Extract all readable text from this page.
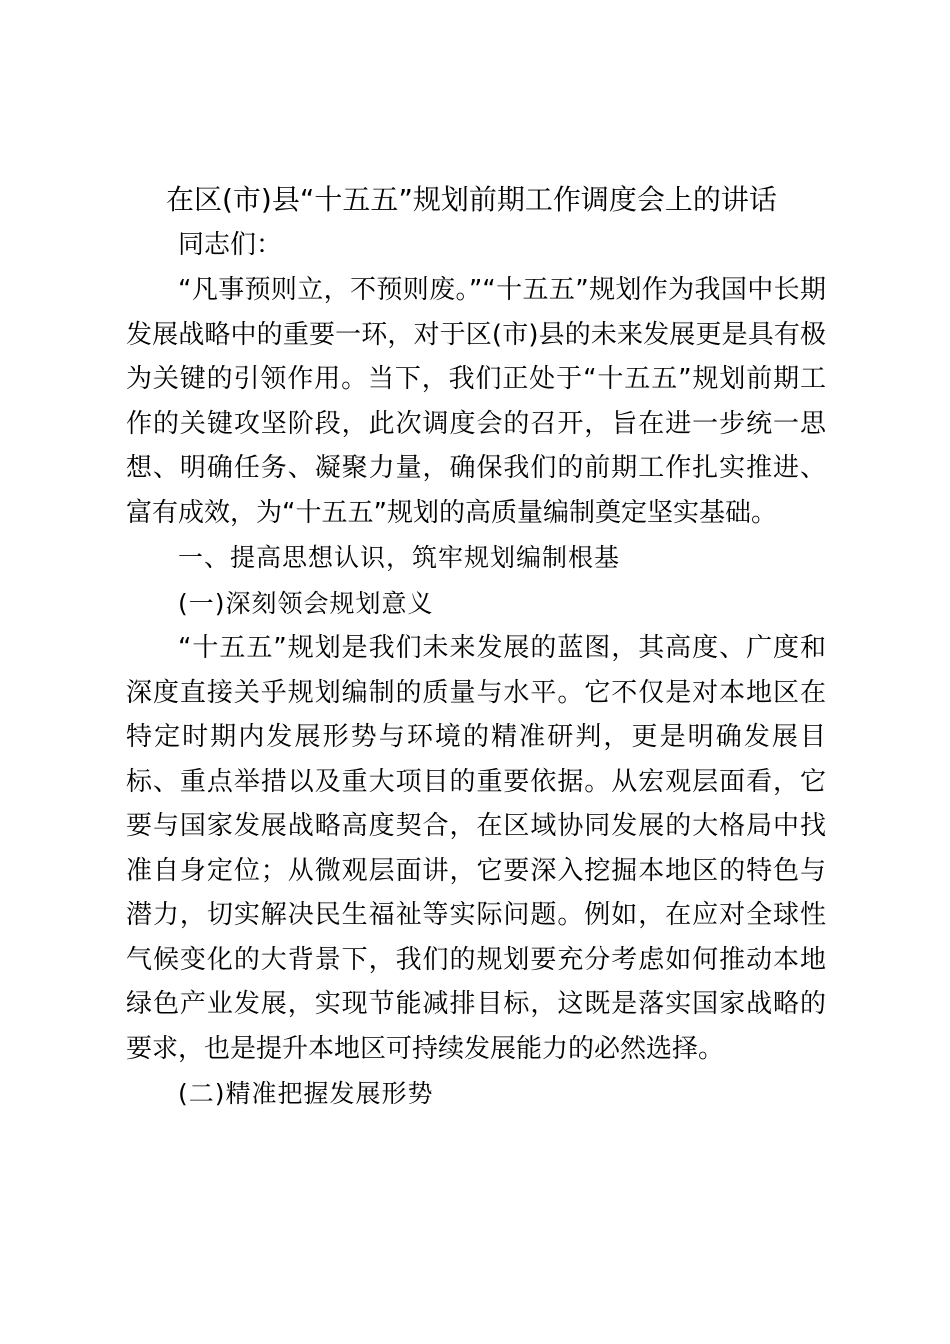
在区(市)县“十五五”规划前期工作调度会上的讲话

同志们：

“凡事预则立，不预则废。”“十五五”规划作为我国中长期发展战略中的重要一环，对于区(市)县的未来发展更是具有极为关键的引领作用。当下，我们正处于“十五五”规划前期工作的关键攻坚阶段，此次调度会的召开，旨在进一步统一思想、明确任务、凝聚力量，确保我们的前期工作扎实推进、富有成效，为“十五五”规划的高质量编制奠定坚实基础。

一、提高思想认识，筑牢规划编制根基

(一)深刻领会规划意义

“十五五”规划是我们未来发展的蓝图，其高度、广度和深度直接关乎规划编制的质量与水平。它不仅是对本地区在特定时期内发展形势与环境的精准研判，更是明确发展目标、重点举措以及重大项目的重要依据。从宏观层面看，它要与国家发展战略高度契合，在区域协同发展的大格局中找准自身定位；从微观层面讲，它要深入挖掘本地区的特色与潜力，切实解决民生福祉等实际问题。例如，在应对全球性气候变化的大背景下，我们的规划要充分考虑如何推动本地绿色产业发展，实现节能减排目标，这既是落实国家战略的要求，也是提升本地区可持续发展能力的必然选择。

(二)精准把握发展形势
